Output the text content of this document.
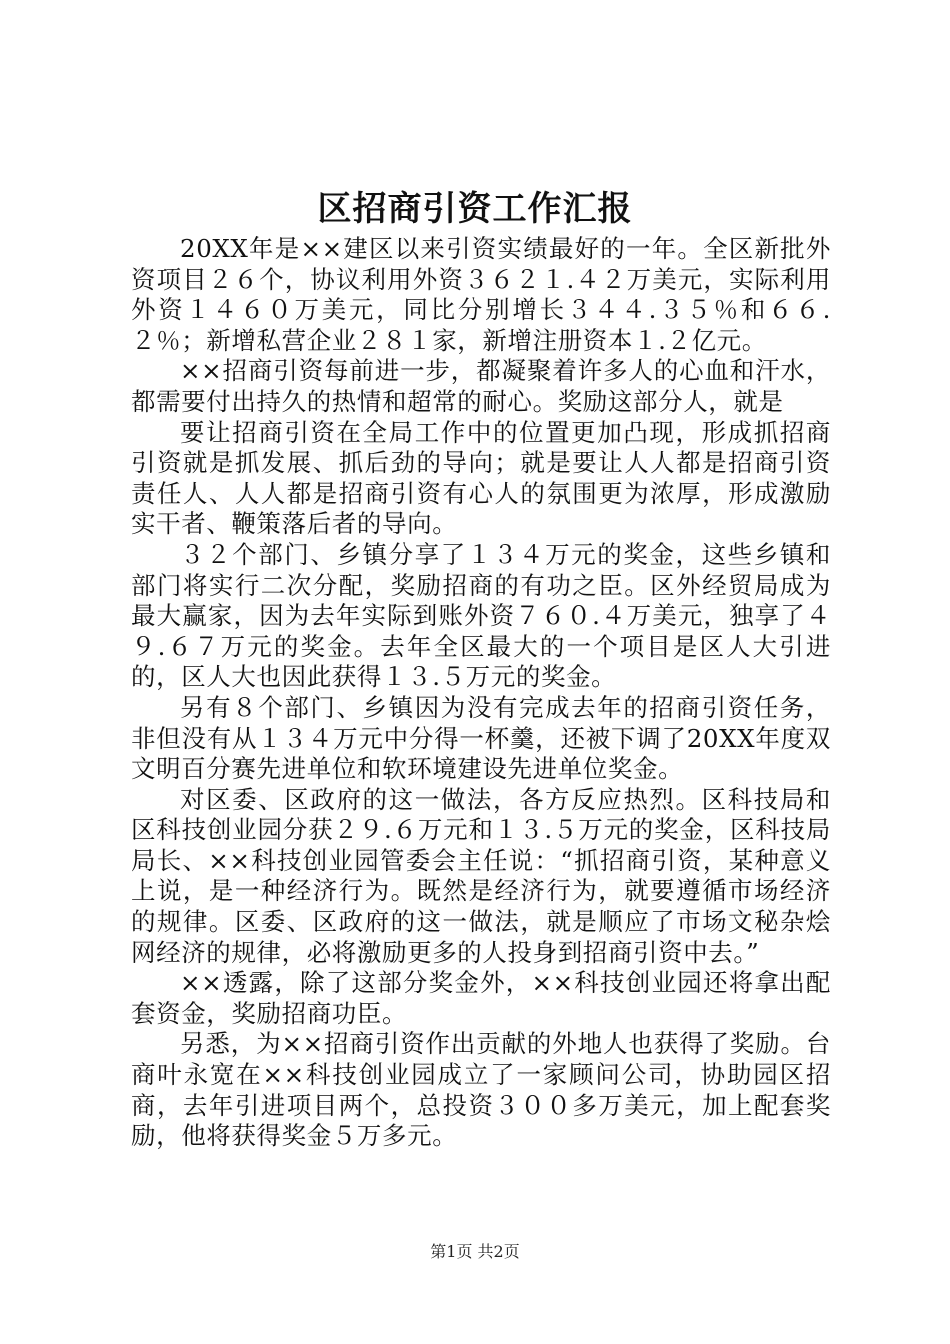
区招商引资工作汇报

20XX年是××建区以来引资实绩最好的一年。全区新批外资项目２６个，协议利用外资３６２１.４２万美元，实际利用外资１４６０万美元，同比分别增长３４４.３５％和６６.２％；新增私营企业２８１家，新增注册资本１.２亿元。

××招商引资每前进一步，都凝聚着许多人的心血和汗水，都需要付出持久的热情和超常的耐心。奖励这部分人，就是

要让招商引资在全局工作中的位置更加凸现，形成抓招商引资就是抓发展、抓后劲的导向；就是要让人人都是招商引资责任人、人人都是招商引资有心人的氛围更为浓厚，形成激励实干者、鞭策落后者的导向。

３２个部门、乡镇分享了１３４万元的奖金，这些乡镇和部门将实行二次分配，奖励招商的有功之臣。区外经贸局成为最大赢家，因为去年实际到账外资７６０.４万美元，独享了４９.６７万元的奖金。去年全区最大的一个项目是区人大引进的，区人大也因此获得１３.５万元的奖金。

另有８个部门、乡镇因为没有完成去年的招商引资任务，非但没有从１３４万元中分得一杯羹，还被下调了20XX年度双文明百分赛先进单位和软环境建设先进单位奖金。

对区委、区政府的这一做法，各方反应热烈。区科技局和区科技创业园分获２９.６万元和１３.５万元的奖金，区科技局局长、××科技创业园管委会主任说：“抓招商引资，某种意义上说，是一种经济行为。既然是经济行为，就要遵循市场经济的规律。区委、区政府的这一做法，就是顺应了市场文秘杂烩网经济的规律，必将激励更多的人投身到招商引资中去。”

××透露，除了这部分奖金外，××科技创业园还将拿出配套资金，奖励招商功臣。

另悉，为××招商引资作出贡献的外地人也获得了奖励。台商叶永宽在××科技创业园成立了一家顾问公司，协助园区招商，去年引进项目两个，总投资３００多万美元，加上配套奖励，他将获得奖金５万多元。

第1页 共2页
